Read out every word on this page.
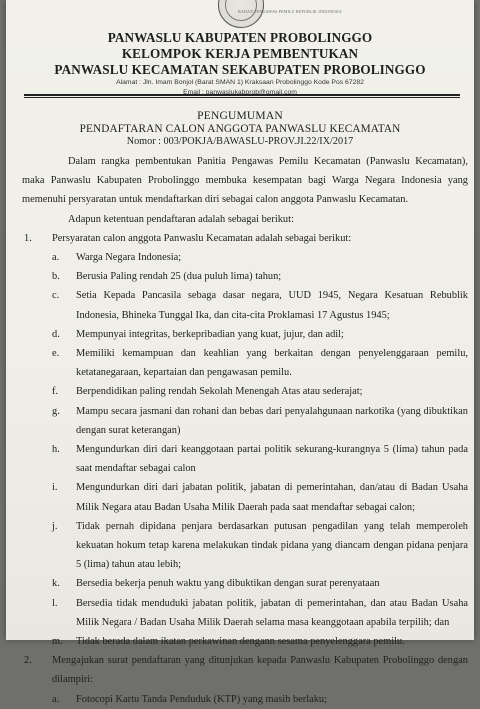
BADAN PENGAWAS PEMILU REPUBLIK INDONESIA
PANWASLU KABUPATEN PROBOLINGGO
KELOMPOK KERJA PEMBENTUKAN
PANWASLU KECAMATAN SEKABUPATEN PROBOLINGGO
Alamat : Jln. Imam Bonjol (Barat SMAN 1) Kraksaan Probolinggo Kode Pos 67282
Email : panwaslukabprob@gmail.com
PENGUMUMAN
PENDAFTARAN CALON ANGGOTA PANWASLU KECAMATAN
Nomor : 003/POKJA/BAWASLU-PROV.JI.22/IX/2017

Dalam rangka pembentukan Panitia Pengawas Pemilu Kecamatan (Panwaslu Kecamatan), maka Panwaslu Kabupaten Probolinggo membuka kesempatan bagi Warga Negara Indonesia yang memenuhi persyaratan untuk mendaftarkan diri sebagai calon anggota Panwaslu Kecamatan.

Adapun ketentuan pendaftaran adalah sebagai berikut:

1.	Persyaratan calon anggota Panwaslu Kecamatan adalah sebagai berikut:
a.	Warga Negara Indonesia;
b.	Berusia Paling rendah 25 (dua puluh lima) tahun;
c.	Setia Kepada Pancasila sebaga dasar negara, UUD 1945, Negara Kesatuan Rebublik Indonesia, Bhineka Tunggal Ika, dan cita-cita Proklamasi 17 Agustus 1945;
d.	Mempunyai integritas, berkepribadian yang kuat, jujur, dan adil;
e.	Memiliki kemampuan dan keahlian yang berkaitan dengan penyelenggaraan pemilu, ketatanegaraan, kepartaian dan pengawasan pemilu.
f.	Berpendidikan paling rendah Sekolah Menengah Atas atau sederajat;
g.	Mampu secara jasmani dan rohani dan bebas dari penyalahgunaan narkotika (yang dibuktikan dengan surat keterangan)
h.	Mengundurkan diri dari keanggotaan partai politik sekurang-kurangnya 5 (lima) tahun pada saat mendaftar sebagai calon
i.	Mengundurkan diri dari jabatan politik, jabatan di pemerintahan, dan/atau di Badan Usaha Milik Negara atau Badan Usaha Milik Daerah pada saat mendaftar sebagai calon;
j.	Tidak pernah dipidana penjara berdasarkan putusan pengadilan yang telah memperoleh kekuatan hokum tetap karena melakukan tindak pidana yang diancam dengan pidana penjara 5 (lima) tahun atau lebih;
k.	Bersedia bekerja penuh waktu yang dibuktikan dengan surat perenyataan
l.	Bersedia tidak menduduki jabatan politik, jabatan di pemerintahan, dan atau Badan Usaha Milik Negara / Badan Usaha Milik Daerah selama masa keanggotaan apabila terpilih; dan
m.	Tidak berada dalam ikatan perkawinan dengann sesama penyelenggara pemilu.
2.	Mengajukan surat pendaftaran yang ditunjukan kepada Panwaslu Kabupaten Probolinggo dengan dilampiri:
a.	Fotocopi Kartu Tanda Penduduk (KTP) yang masih berlaku;
